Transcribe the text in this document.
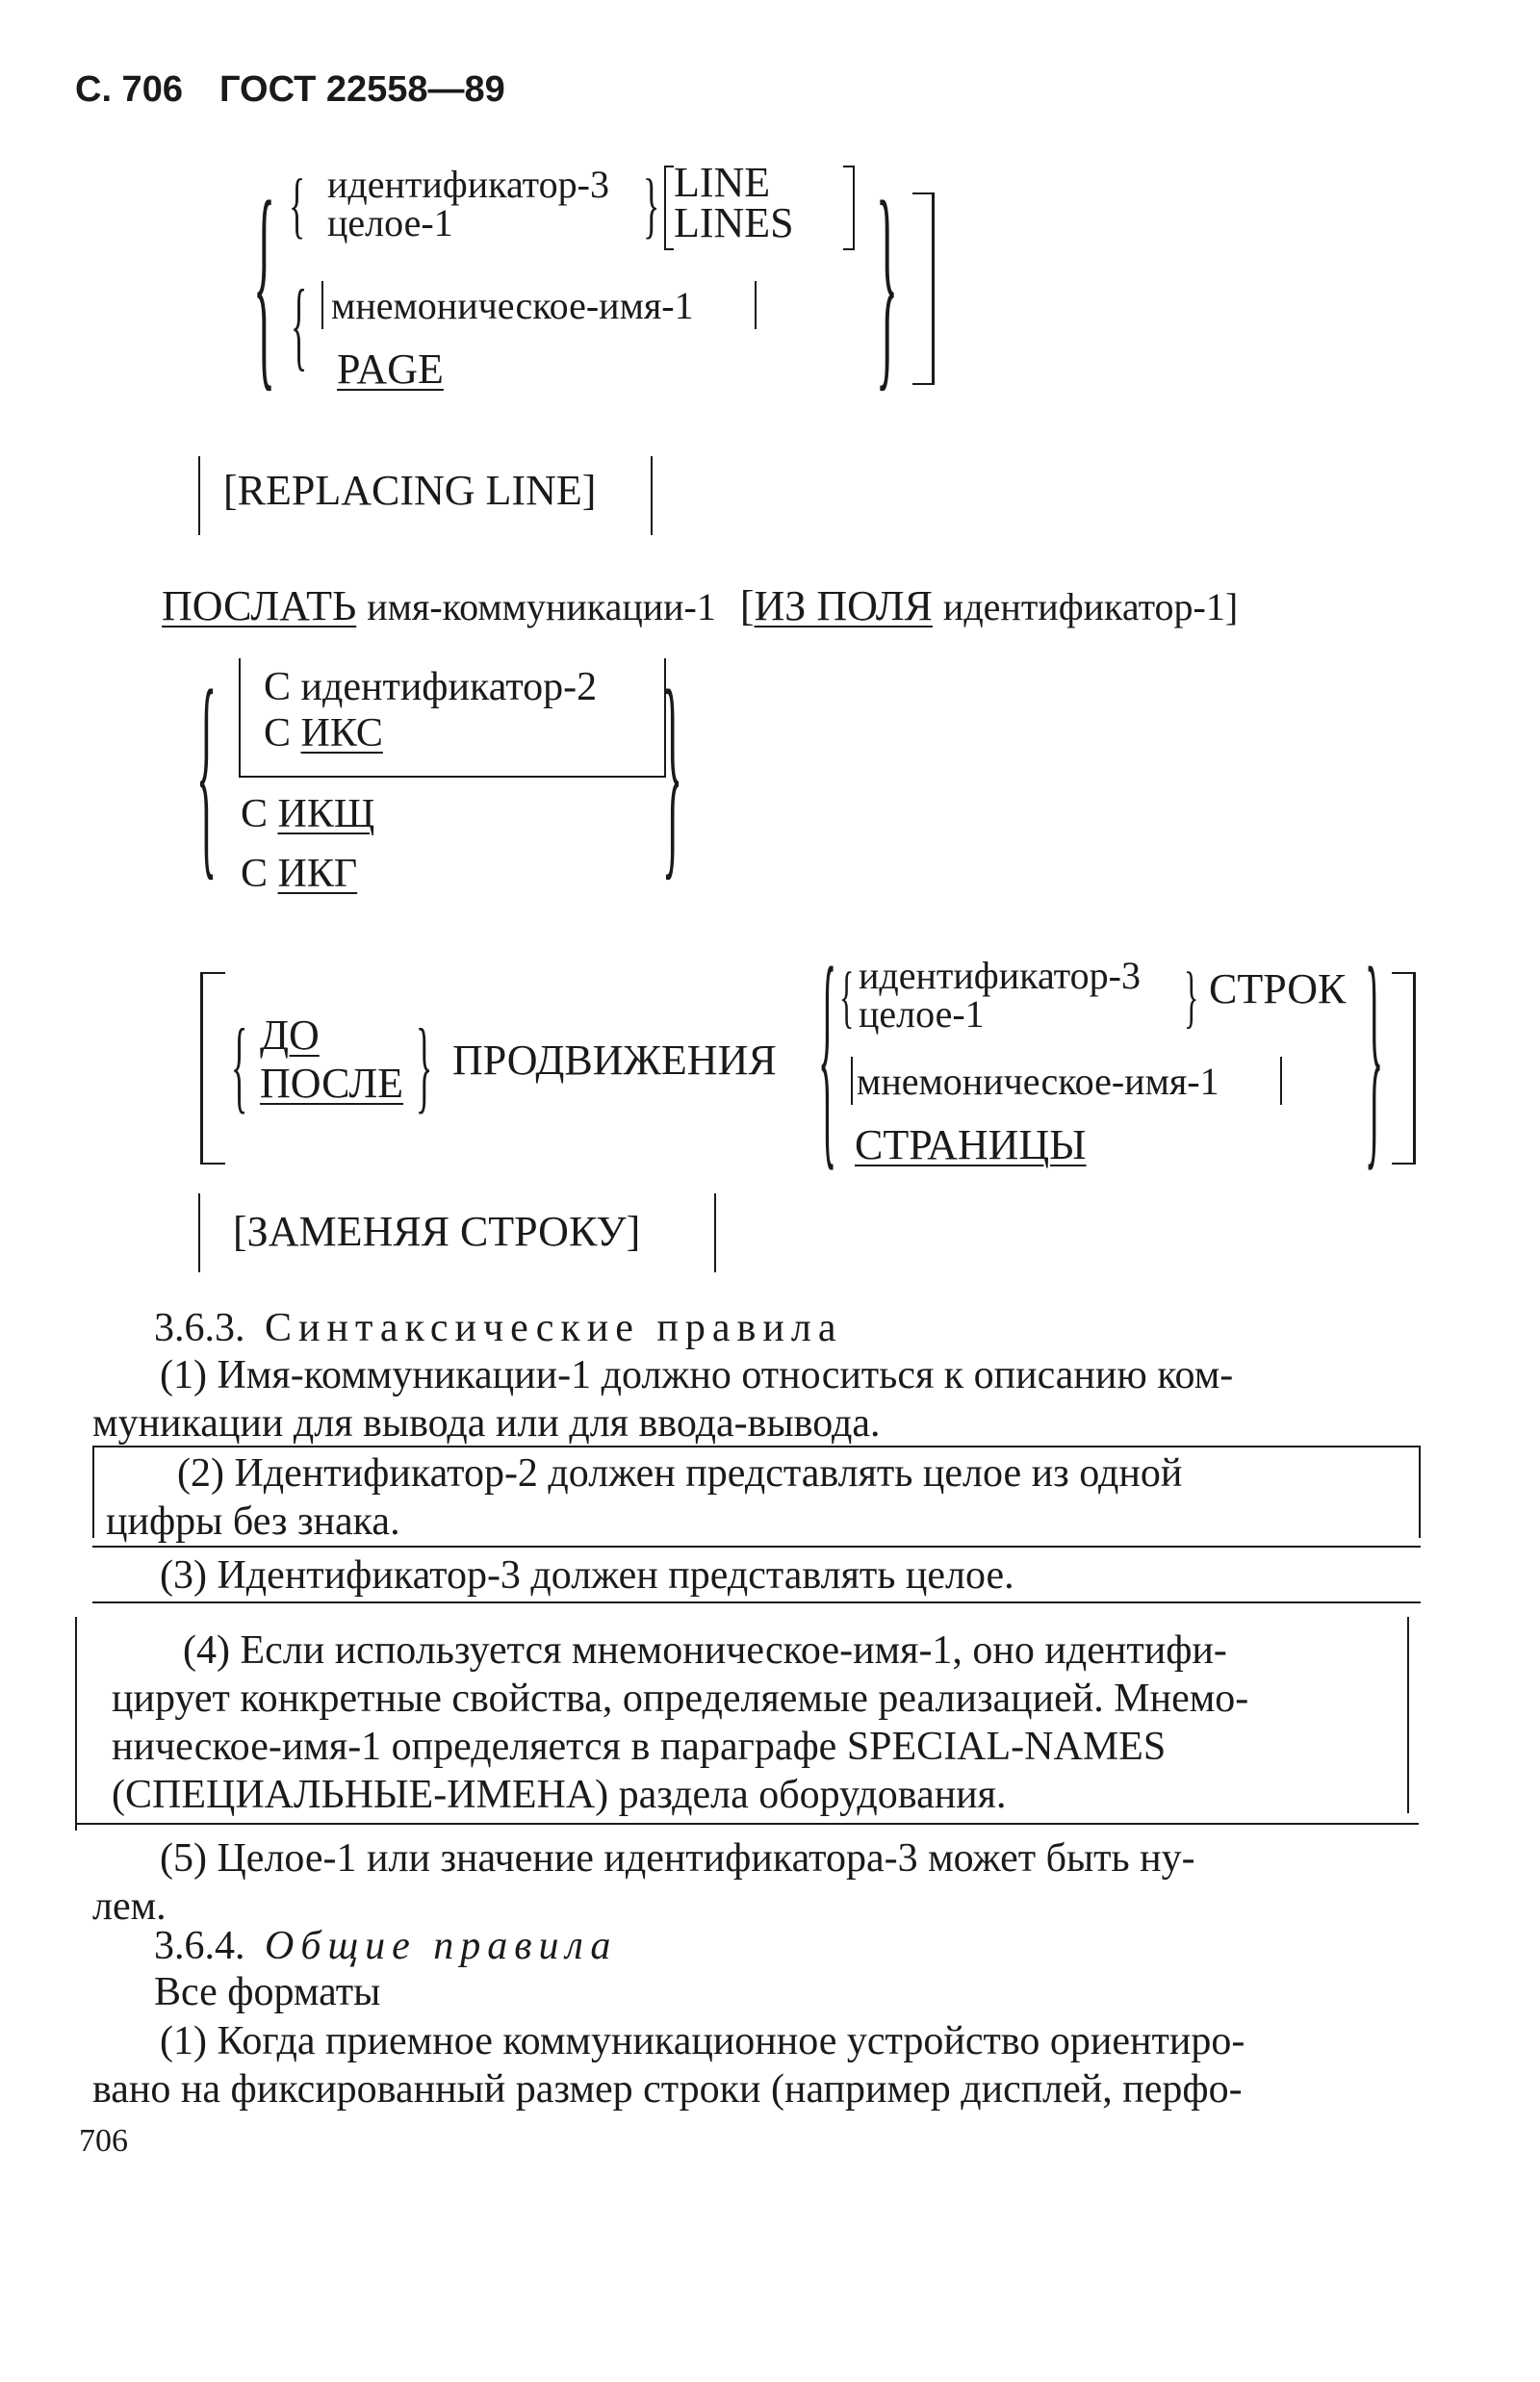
С. 706 ГОСТ 22558—89
{ { идентификатор-3
целое-1 } LINE
LINES
{ мнемоническое-имя-1
PAGE	}
[REPLACING LINE]
ПОСЛАТЬ имя-коммуникации-1 [ИЗ ПОЛЯ идентификатор-1]
{	}
С идентификатор-2
С ИКС
С ИКЩ
С ИКГ
{ ДО
ПОСЛЕ } ПРОДВИЖЕНИЯ { { идентификатор-3
целое-1	} СТРОК
мнемоническое-имя-1
СТРАНИЦЫ	}
[ЗАМЕНЯЯ СТРОКУ]
3.6.3. Синтаксические правила
(1) Имя-коммуникации-1 должно относиться к описанию ком-
муникации для вывода или для ввода-вывода.
(2) Идентификатор-2 должен представлять целое из одной
цифры без знака.
(3) Идентификатор-3 должен представлять целое.
(4) Если используется мнемоническое-имя-1, оно идентифи-
цирует конкретные свойства, определяемые реализацией. Мнемо-
ническое-имя-1 определяется в параграфе SPECIAL-NAMES
(СПЕЦИАЛЬНЫЕ-ИМЕНА) раздела оборудования.
(5) Целое-1 или значение идентификатора-3 может быть ну-
лем.
3.6.4. Общие правила
Все форматы
(1) Когда приемное коммуникационное устройство ориентиро-
вано на фиксированный размер строки (например дисплей, перфо-
706
